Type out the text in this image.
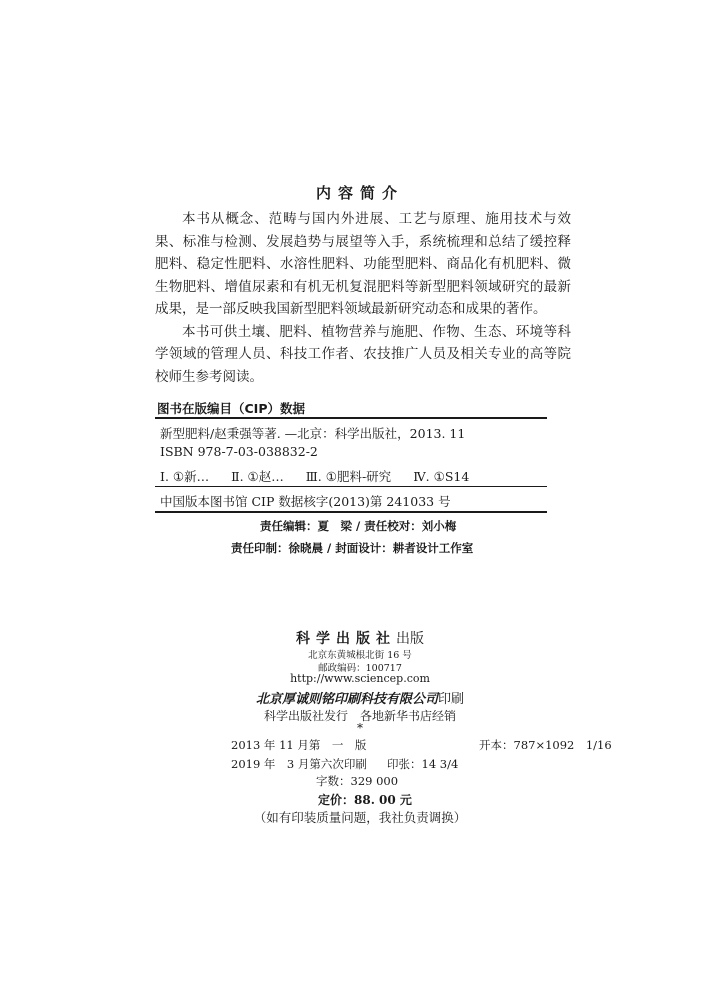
内容简介

本书从概念、范畴与国内外进展、工艺与原理、施用技术与效果、标准与检测、发展趋势与展望等入手，系统梳理和总结了缓控释肥料、稳定性肥料、水溶性肥料、功能型肥料、商品化有机肥料、微生物肥料、增值尿素和有机无机复混肥料等新型肥料领域研究的最新成果，是一部反映我国新型肥料领域最新研究动态和成果的著作。

本书可供土壤、肥料、植物营养与施肥、作物、生态、环境等科学领域的管理人员、科技工作者、农技推广人员及相关专业的高等院校师生参考阅读。

图书在版编目（CIP）数据
新型肥料/赵秉强等著. —北京：科学出版社，2013. 11
ISBN 978-7-03-038832-2
Ⅰ. ①新… Ⅱ. ①赵… Ⅲ. ①肥料-研究 Ⅳ. ①S14
中国版本图书馆 CIP 数据核字(2013)第 241033 号
责任编辑：夏　梁 / 责任校对：刘小梅
责任印制：徐晓晨 / 封面设计：耕者设计工作室
科学出版社出版
北京东黄城根北街 16 号
邮政编码：100717
http://www.sciencep.com
北京厚诚则铭印刷科技有限公司印刷
科学出版社发行　各地新华书店经销
*
2013 年 11 月第　一　版	开本：787×1092　1/16
2019 年　3 月第六次印刷 印张：14 3/4
字数：329 000
定价：88. 00 元
（如有印装质量问题，我社负责调换）
